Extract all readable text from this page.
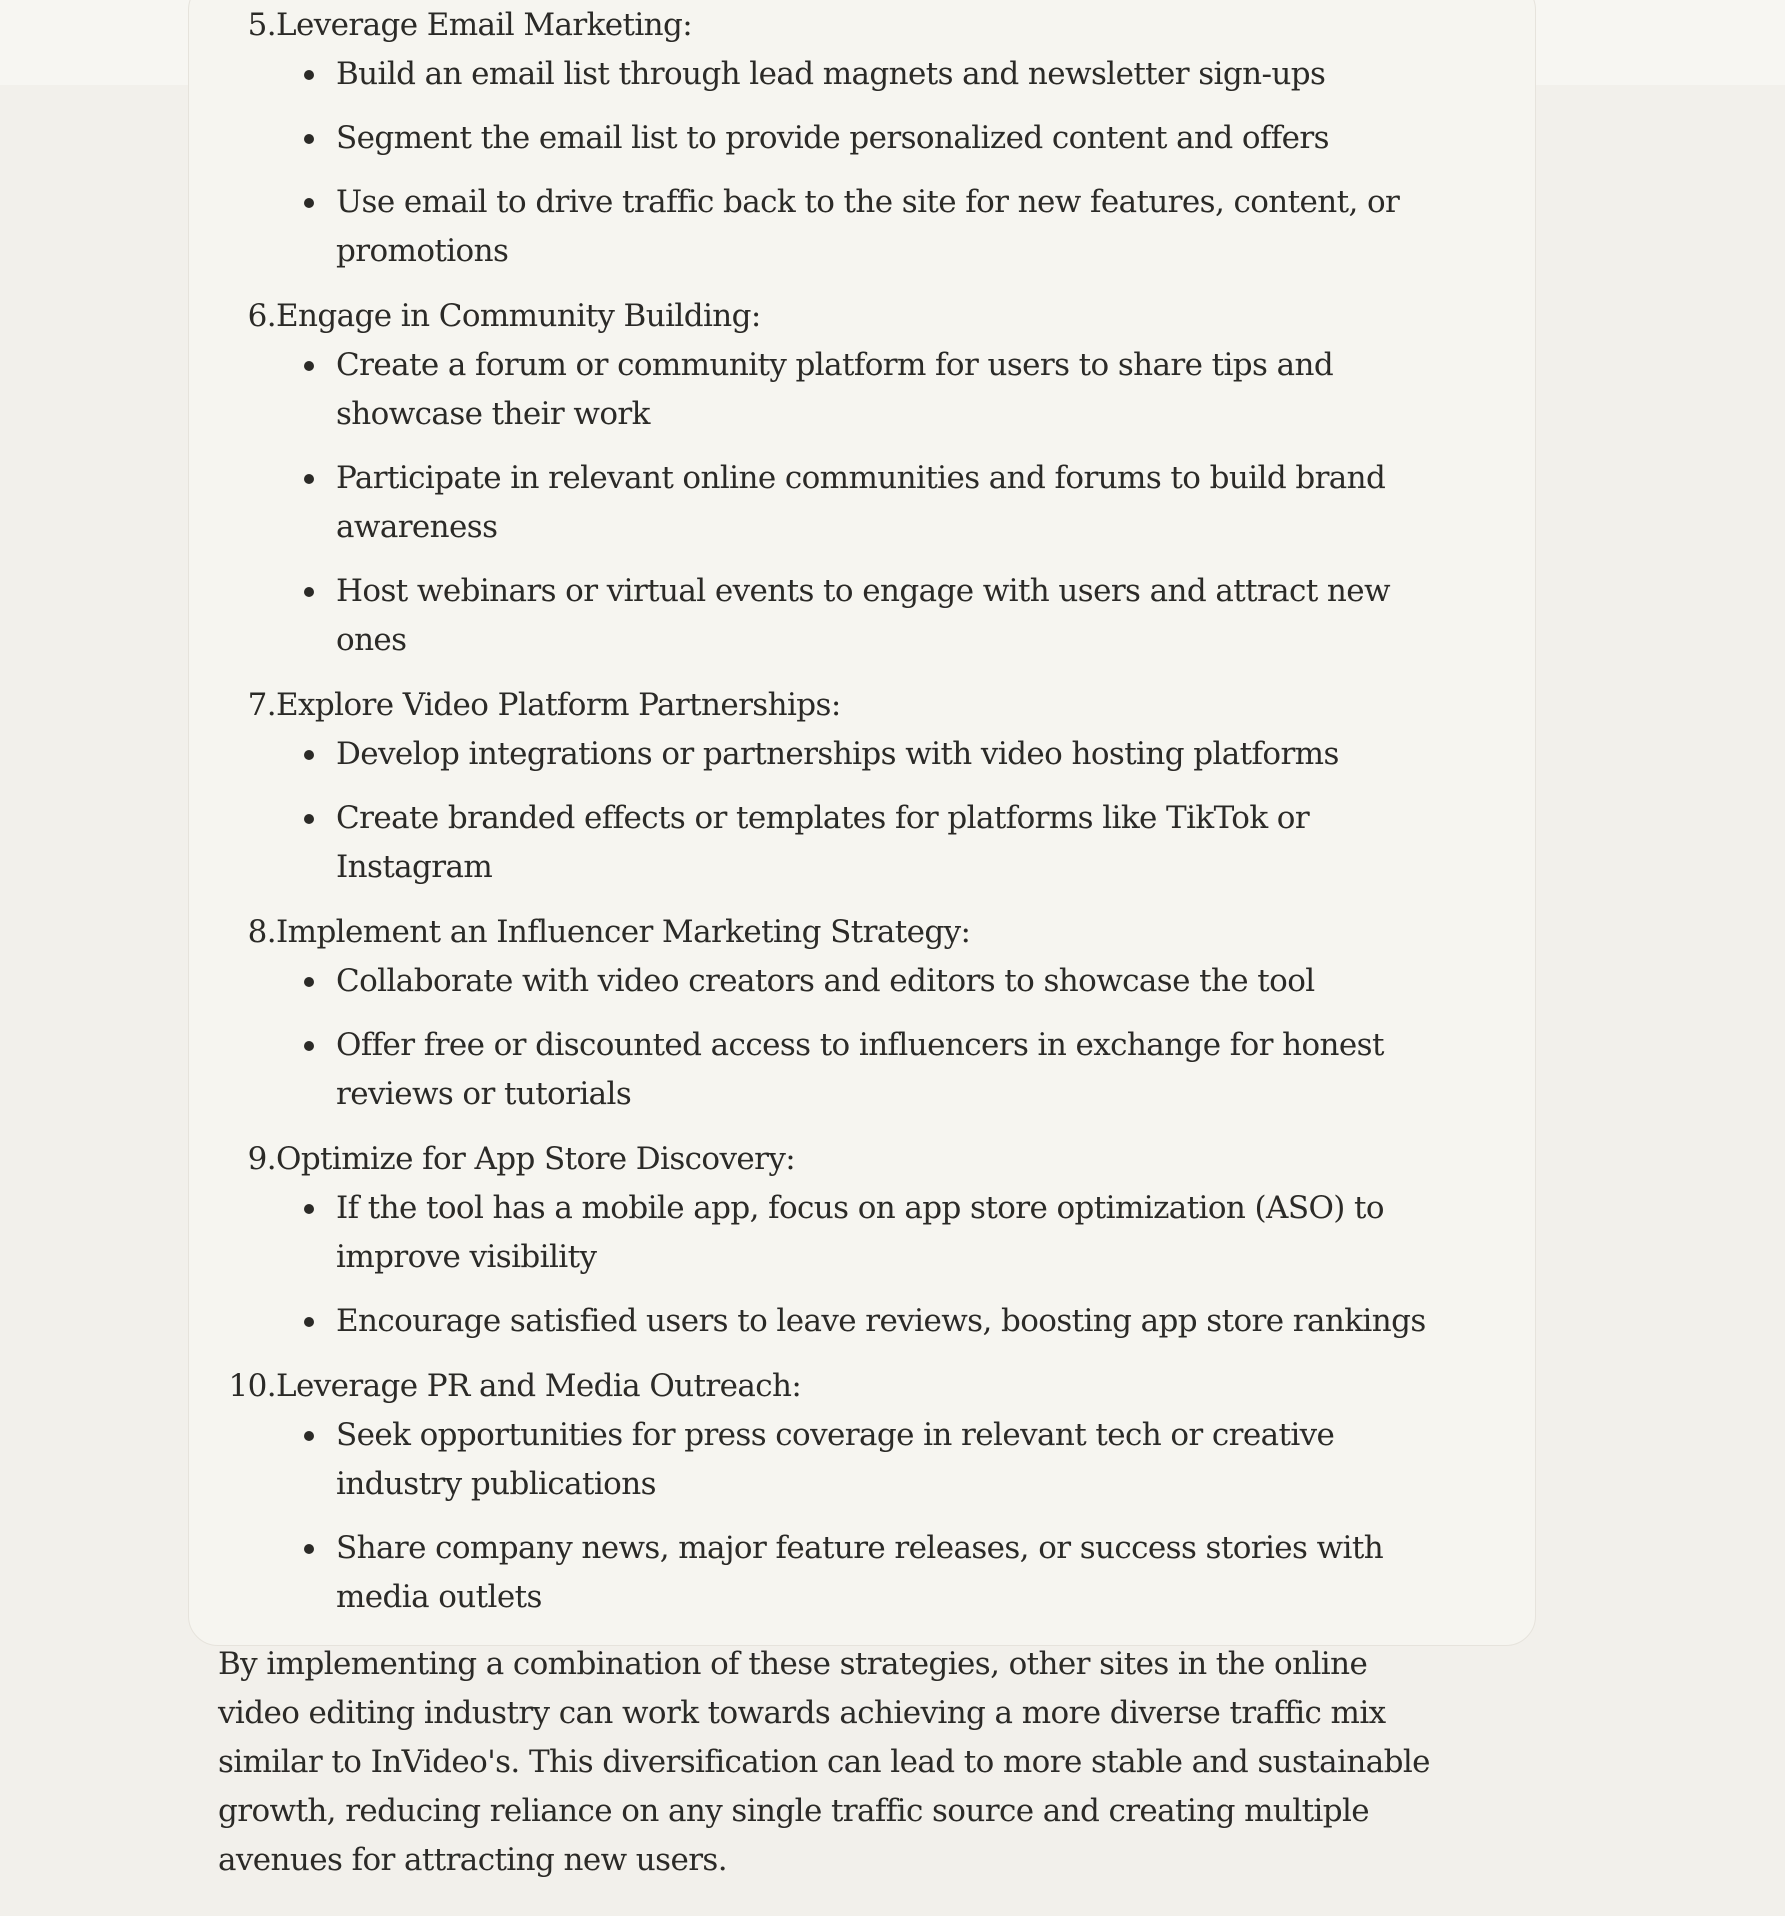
5. Leverage Email Marketing:
Build an email list through lead magnets and newsletter sign-ups
Segment the email list to provide personalized content and offers
Use email to drive traffic back to the site for new features, content, or promotions
6. Engage in Community Building:
Create a forum or community platform for users to share tips and showcase their work
Participate in relevant online communities and forums to build brand awareness
Host webinars or virtual events to engage with users and attract new ones
7. Explore Video Platform Partnerships:
Develop integrations or partnerships with video hosting platforms
Create branded effects or templates for platforms like TikTok or Instagram
8. Implement an Influencer Marketing Strategy:
Collaborate with video creators and editors to showcase the tool
Offer free or discounted access to influencers in exchange for honest reviews or tutorials
9. Optimize for App Store Discovery:
If the tool has a mobile app, focus on app store optimization (ASO) to improve visibility
Encourage satisfied users to leave reviews, boosting app store rankings
10. Leverage PR and Media Outreach:
Seek opportunities for press coverage in relevant tech or creative industry publications
Share company news, major feature releases, or success stories with media outlets

By implementing a combination of these strategies, other sites in the online video editing industry can work towards achieving a more diverse traffic mix similar to InVideo's. This diversification can lead to more stable and sustainable growth, reducing reliance on any single traffic source and creating multiple avenues for attracting new users.
